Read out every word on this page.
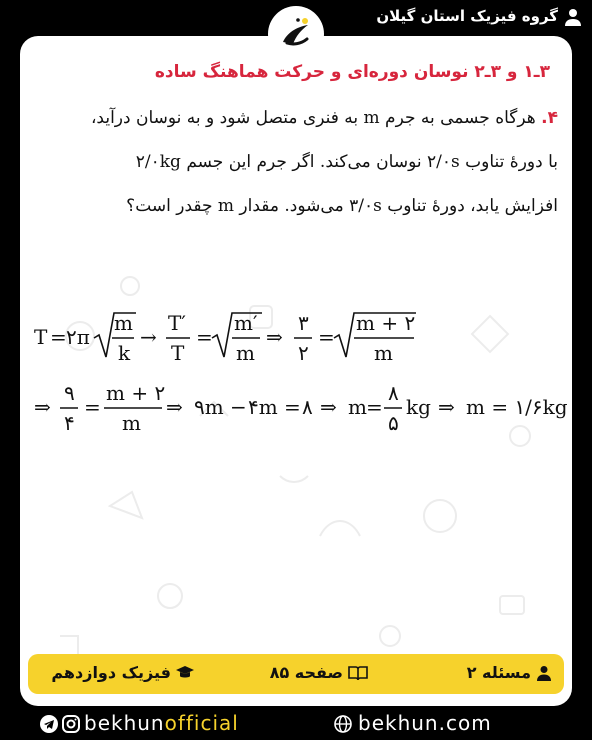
گروه فیزیک استان گیلان
۳ـ۱ و ۳ـ۲ نوسان دوره‌ای و حرکت هماهنگ ساده
۴. هرگاه جسمی به جرم m به فنری متصل شود و به نوسان درآید،
با دورهٔ تناوب ۲/۰s نوسان می‌کند. اگر جرم این جسم ۲/۰kg
افزایش یابد، دورهٔ تناوب ۳/۰s می‌شود. مقدار m چقدر است؟
T = ۲π
m
k
→
T′
T
=
m′
m
⇒
۳
۲
=
m + ۲
m
⇒
۹
۴
=
m + ۲
m
⇒ ۹m − ۴m = ۸ ⇒ m =
۸
۵
kg ⇒ m = ۱/۶kg
مسئله ۲
صفحه ۸۵
فیزیک دوازدهم
bekhunofficial	bekhun.com
